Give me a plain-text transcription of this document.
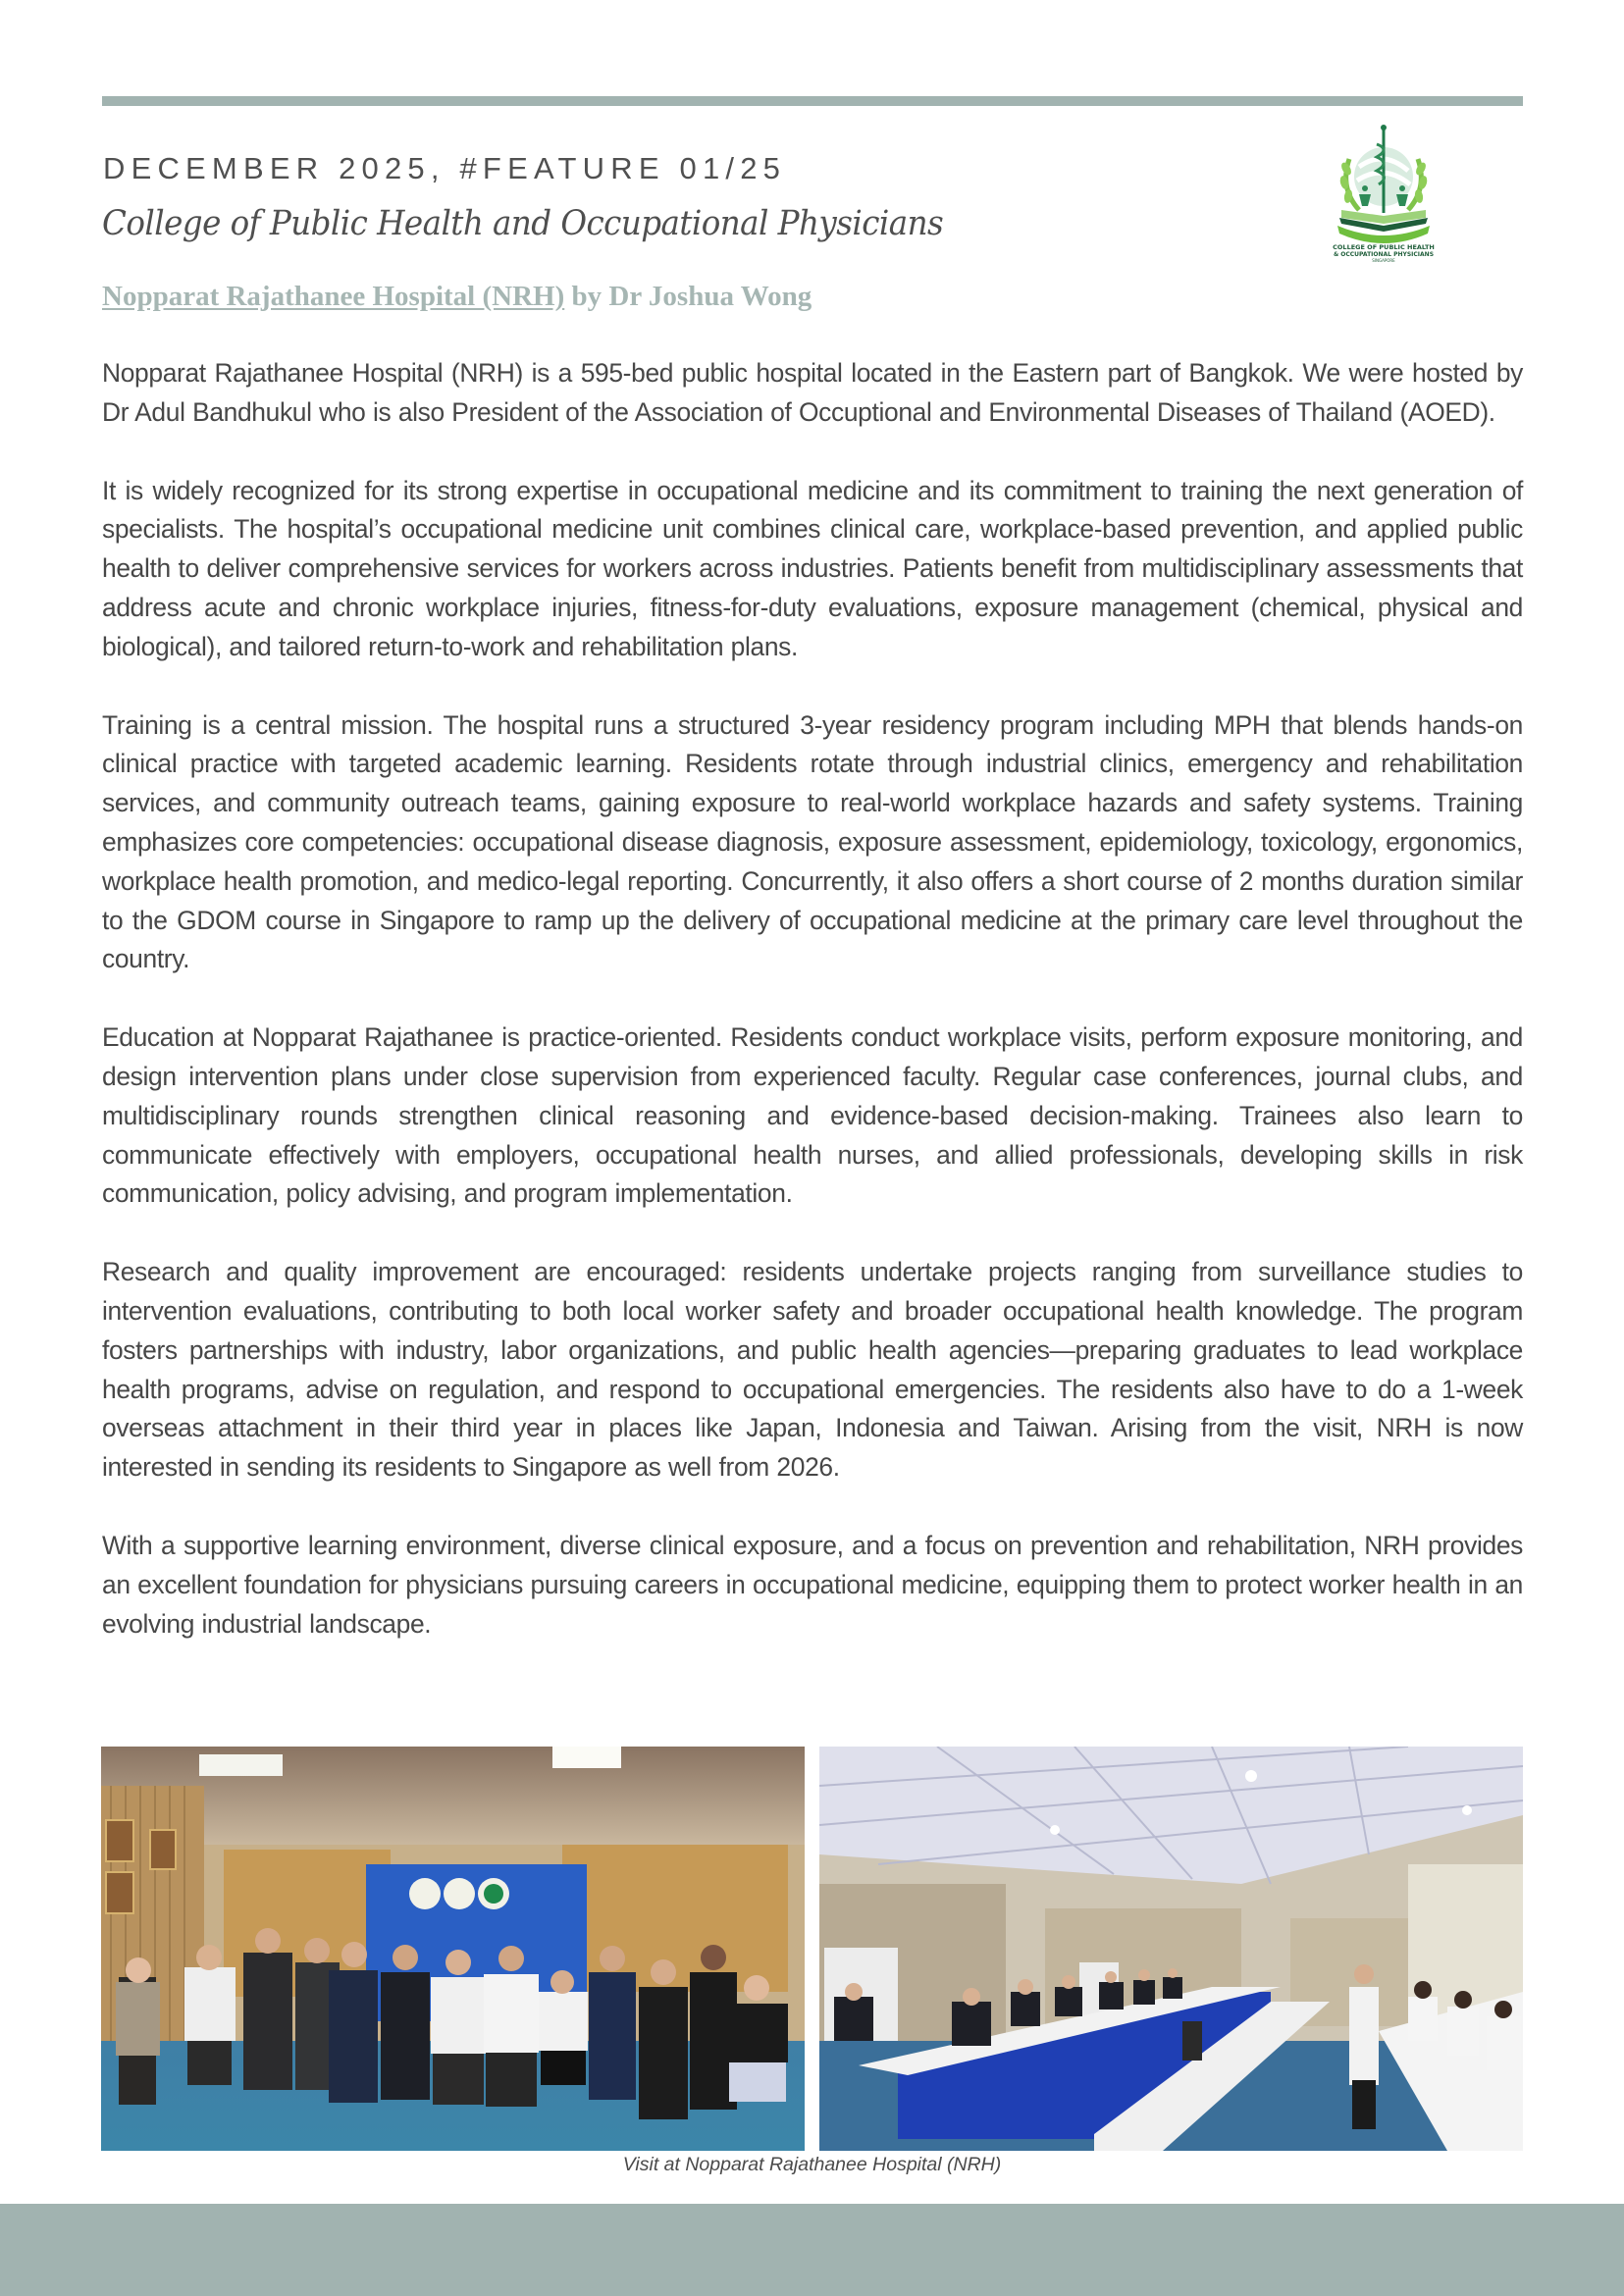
DECEMBER 2025, #FEATURE 01/25
College of Public Health and Occupational Physicians
COLLEGE OF PUBLIC HEALTH
& OCCUPATIONAL PHYSICIANS
SINGAPORE
Nopparat Rajathanee Hospital (NRH) by Dr Joshua Wong

Nopparat Rajathanee Hospital (NRH) is a 595-bed public hospital located in the Eastern part of Bangkok. We were hosted by Dr Adul Bandhukul who is also President of the Association of Occuptional and Environmental Diseases of Thailand (AOED).

It is widely recognized for its strong expertise in occupational medicine and its commitment to training the next generation of specialists. The hospital’s occupational medicine unit combines clinical care, workplace-based prevention, and applied public health to deliver comprehensive services for workers across industries. Patients benefit from multidisciplinary assessments that address acute and chronic workplace injuries, fitness-for-duty evaluations, exposure management (chemical, physical and biological), and tailored return-to-work and rehabilitation plans.

Training is a central mission. The hospital runs a structured 3-year residency program including MPH that blends hands-on clinical practice with targeted academic learning. Residents rotate through industrial clinics, emergency and rehabilitation services, and community outreach teams, gaining exposure to real-world workplace hazards and safety systems. Training emphasizes core competencies: occupational disease diagnosis, exposure assessment, epidemiology, toxicology, ergonomics, workplace health promotion, and medico-legal reporting. Concurrently, it also offers a short course of 2 months duration similar to the GDOM course in Singapore to ramp up the delivery of occupational medicine at the primary care level throughout the country.

Education at Nopparat Rajathanee is practice-oriented. Residents conduct workplace visits, perform exposure monitoring, and design intervention plans under close supervision from experienced faculty. Regular case conferences, journal clubs, and multidisciplinary rounds strengthen clinical reasoning and evidence-based decision-making. Trainees also learn to communicate effectively with employers, occupational health nurses, and allied professionals, developing skills in risk communication, policy advising, and program implementation.

Research and quality improvement are encouraged: residents undertake projects ranging from surveillance studies to intervention evaluations, contributing to both local worker safety and broader occupational health knowledge. The program fosters partnerships with industry, labor organizations, and public health agencies—preparing graduates to lead workplace health programs, advise on regulation, and respond to occupational emergencies. The residents also have to do a 1-week overseas attachment in their third year in places like Japan, Indonesia and Taiwan. Arising from the visit, NRH is now interested in sending its residents to Singapore as well from 2026.

With a supportive learning environment, diverse clinical exposure, and a focus on prevention and rehabilitation, NRH provides an excellent foundation for physicians pursuing careers in occupational medicine, equipping them to protect worker health in an evolving industrial landscape.

Visit at Nopparat Rajathanee Hospital (NRH)
